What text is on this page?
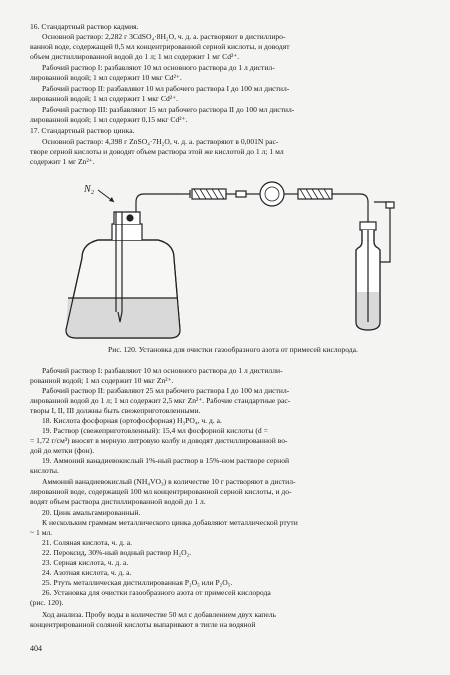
16. Стандартный раствор кадмия.
Основной раствор: 2,282 г 3CdSO₄·8H₂O, ч. д. а. растворяют в дистиллиро-
ванной воде, содержащей 0,5 мл концентрированной серной кислоты, и доводят
объем дистиллированной водой до 1 л; 1 мл содержит 1 мг Cd²⁺.
Рабочий раствор I: разбавляют 10 мл основного раствора до 1 л дистил-
лированной водой; 1 мл содержит 10 мкг Cd²⁺.
Рабочий раствор II: разбавляют 10 мл рабочего раствора I до 100 мл дистил-
лированной водой; 1 мл содержит 1 мкг Cd²⁺.
Рабочий раствор III: разбавляют 15 мл рабочего раствора II до 100 мл дистил-
лированной водой; 1 мл содержит 0,15 мкг Cd²⁺.
17. Стандартный раствор цинка.
Основной раствор: 4,398 г ZnSO₄·7H₂O, ч. д. а. растворяют в 0,001N рас-
творе серной кислоты и доводят объем раствора этой же кислотой до 1 л; 1 мл
содержит 1 мг Zn²⁺.
N₂
Рис. 120. Установка для очистки газообразного азота от примесей кислорода.
Рабочий раствор I: разбавляют 10 мл основного раствора до 1 л дистилли-
рованной водой; 1 мл содержит 10 мкг Zn²⁺.
Рабочий раствор II: разбавляют 25 мл рабочего раствора I до 100 мл дистил-
лированной водой до 1 л; 1 мл содержит 2,5 мкг Zn²⁺. Рабочие стандартные рас-
творы I, II, III должны быть свежеприготовленными.
18. Кислота фосфорная (ортофосфорная) H₃PO₄, ч. д. а.
19. Раствор (свежеприготовленный): 15,4 мл фосфорной кислоты (d =
= 1,72 г/см³) вносят в мерную литровую колбу и доводят дистиллированной во-
дой до метки (фон).
19. Аммоний ванадиевокислый 1%-ный раствор в 15%-ном растворе серной
кислоты.
Аммоний ванадиевокислый (NH₄VO₃) в количестве 10 г растворяют в дистил-
лированной воде, содержащей 100 мл концентрированной серной кислоты, и до-
водят объем раствора дистиллированной водой до 1 л.
20. Цинк амальгамированный.
К нескольким граммам металлического цинка добавляют металлической ртути
~ 1 мл.
21. Соляная кислота, ч. д. а.
22. Пероксид, 30%-ный водный раствор H₂O₂.
23. Серная кислота, ч. д. а.
24. Азотная кислота, ч. д. а.
25. Ртуть металлическая дистиллированная P₂O₅ или P₂O₅.
26. Установка для очистки газообразного азота от примесей кислорода
(рис. 120).
Ход анализа. Пробу воды в количестве 50 мл с добавлением двух капель
концентрированной соляной кислоты выпаривают в тигле на водяной
404
